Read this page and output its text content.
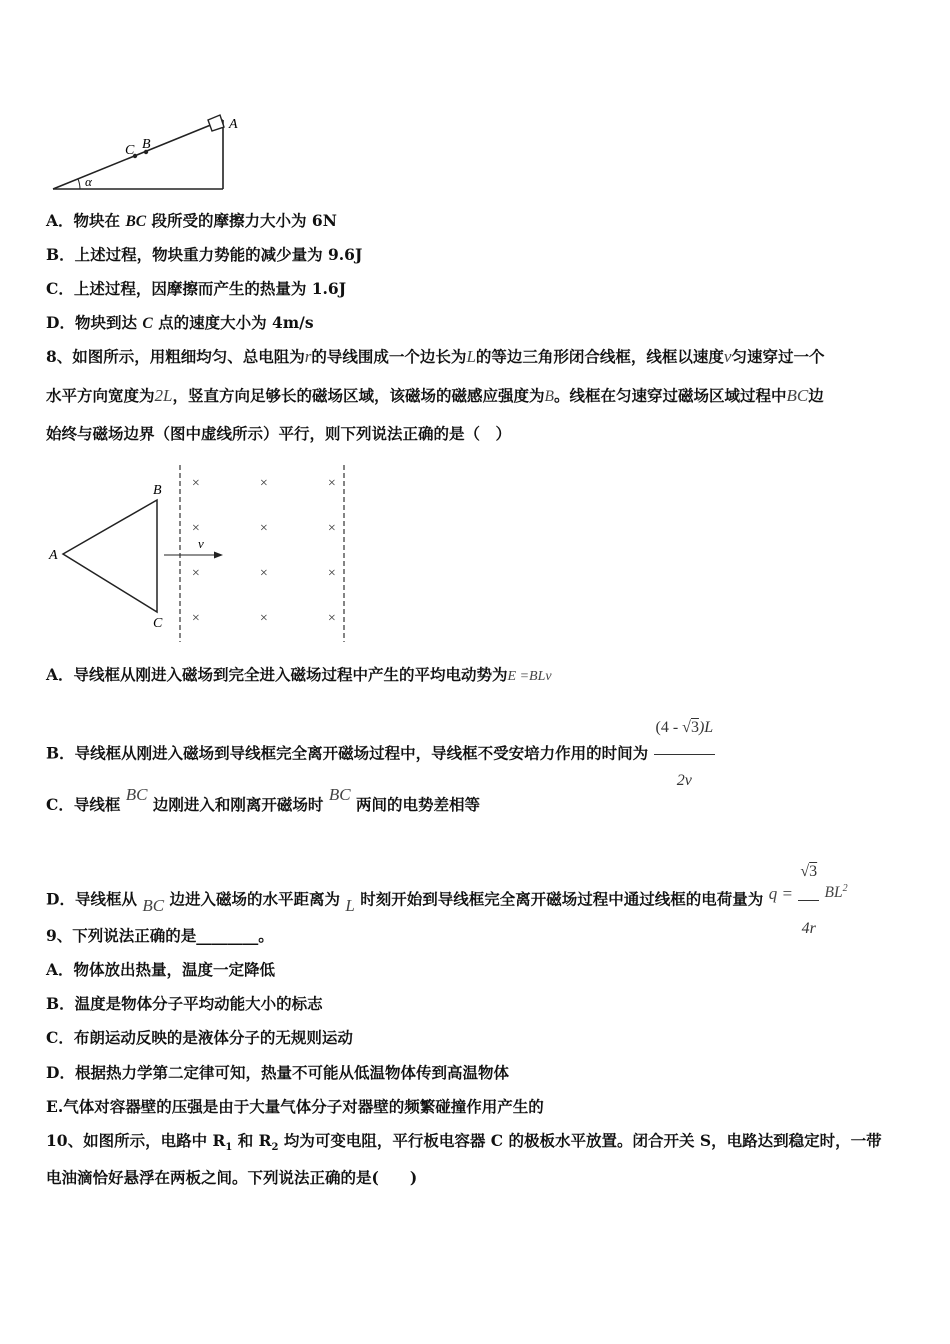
α
C B
A
A．物块在 BC 段所受的摩擦力大小为 6N
B．上述过程，物块重力势能的减少量为 9.6J
C．上述过程，因摩擦而产生的热量为 1.6J
D．物块到达 C 点的速度大小为 4m/s
8、如图所示，用粗细均匀、总电阻为r的导线围成一个边长为L的等边三角形闭合线框，线框以速度v匀速穿过一个
水平方向宽度为2L，竖直方向足够长的磁场区域，该磁场的磁感应强度为B。线框在匀速穿过磁场区域过程中BC边
始终与磁场边界（图中虚线所示）平行，则下列说法正确的是（　）
A
B
C
v
×	×	×
×	×	×
×	×	×
×	×	×
A．导线框从刚进入磁场到完全进入磁场过程中产生的平均电动势为E =BLv
B．导线框从刚进入磁场到导线框完全离开磁场过程中，导线框不受安培力作用的时间为 $\frac{(4 - √3)L}{2v}$
C．导线框 BC 边刚进入和刚离开磁场时 BC 两间的电势差相等
D．导线框从 BC 边进入磁场的水平距离为 L 时刻开始到导线框完全离开磁场过程中通过线框的电荷量为 $q = \frac{√3}{4r} BL^2$
9、下列说法正确的是________。
A．物体放出热量，温度一定降低
B．温度是物体分子平均动能大小的标志
C．布朗运动反映的是液体分子的无规则运动
D．根据热力学第二定律可知，热量不可能从低温物体传到高温物体
E.气体对容器壁的压强是由于大量气体分子对器壁的频繁碰撞作用产生的
10、如图所示，电路中 $R_1$ 和 $R_2$ 均为可变电阻，平行板电容器 C 的极板水平放置。闭合开关 S，电路达到稳定时，一带
电油滴恰好悬浮在两板之间。下列说法正确的是(　　)
